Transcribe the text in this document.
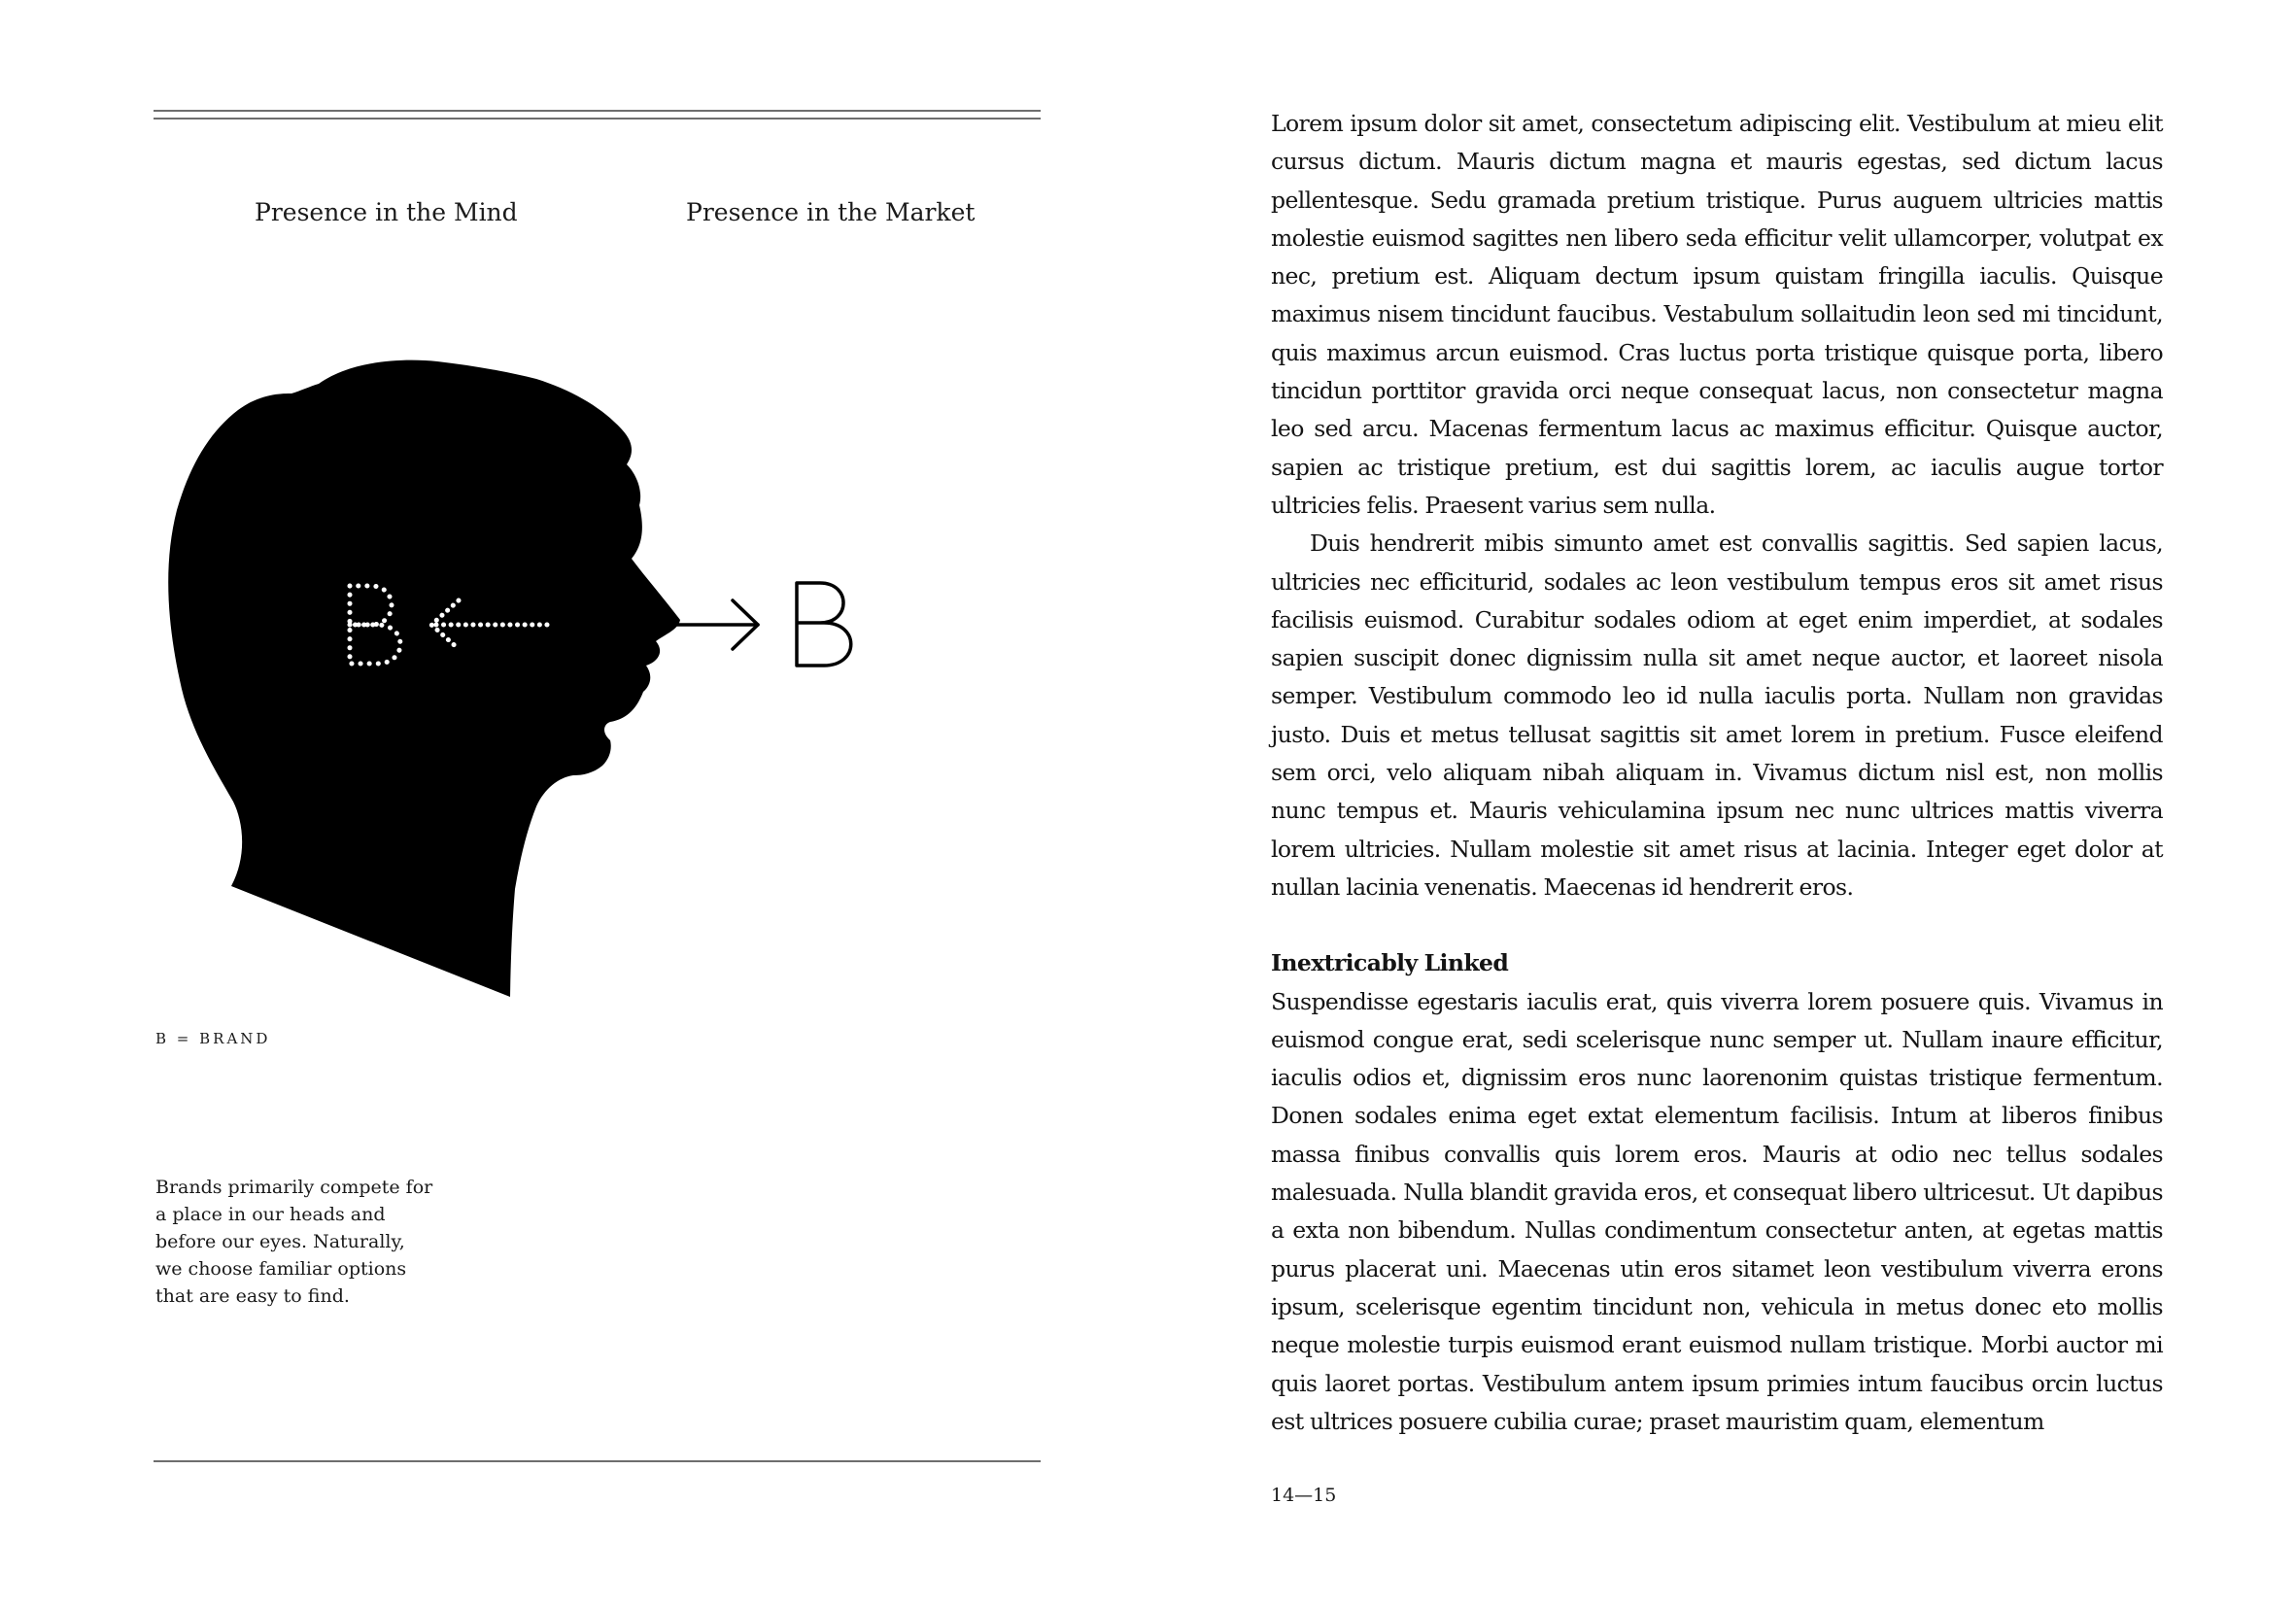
Presence in the Mind	Presence in the Market
B = BRAND
Brands primarily compete for a place in our heads and before our eyes. Naturally, we choose familiar options that are easy to find.

Lorem ipsum dolor sit amet, consectetum adipiscing elit. Vestibulum at mieu elit cursus dictum. Mauris dictum magna et mauris egestas, sed dictum lacus pellentesque. Sedu gramada pretium tristique. Purus auguem ultricies mattis molestie euismod sagittes nen libero seda efficitur velit ullamcorper, volutpat ex nec, pretium est. Aliquam dectum ipsum quistam fringilla iaculis. Quisque maximus nisem tincidunt faucibus. Vestabulum sollaitudin leon sed mi tincidunt, quis maximus arcun euismod. Cras luctus porta tristique quisque porta, libero tincidun porttitor gravida orci neque consequat lacus, non consectetur magna leo sed arcu. Macenas fermentum lacus ac maximus efficitur. Quisque auctor, sapien ac tristique pretium, est dui sagittis lorem, ac iaculis augue tortor ultricies felis. Praesent varius sem nulla.

Duis hendrerit mibis simunto amet est convallis sagittis. Sed sapien lacus, ultricies nec efficiturid, sodales ac leon vestibulum tempus eros sit amet risus facilisis euismod. Curabitur sodales odiom at eget enim imperdiet, at sodales sapien suscipit donec dignissim nulla sit amet neque auctor, et laoreet nisola semper. Vestibulum commodo leo id nulla iaculis porta. Nullam non gravidas justo. Duis et metus tellusat sagittis sit amet lorem in pretium. Fusce eleifend sem orci, velo aliquam nibah aliquam in. Vivamus dictum nisl est, non mollis nunc tempus et. Mauris vehiculamina ipsum nec nunc ultrices mattis viverra lorem ultricies. Nullam molestie sit amet risus at lacinia. Integer eget dolor at nullan lacinia venenatis. Maecenas id hendrerit eros.

Inextricably Linked

Suspendisse egestaris iaculis erat, quis viverra lorem posuere quis. Vivamus in euismod congue erat, sedi scelerisque nunc semper ut. Nullam inaure efficitur, iaculis odios et, dignissim eros nunc laorenonim quistas tristique fermentum. Donen sodales enima eget extat elementum facilisis. Intum at liberos finibus massa finibus convallis quis lorem eros. Mauris at odio nec tellus sodales malesuada. Nulla blandit gravida eros, et consequat libero ultricesut. Ut dapibus a exta non bibendum. Nullas condimentum consectetur anten, at egetas mattis purus placerat uni. Maecenas utin eros sitamet leon vestibulum viverra erons ipsum, scelerisque egentim tincidunt non, vehicula in metus donec eto mollis neque molestie turpis euismod erant euismod nullam tristique. Morbi auctor mi quis laoret portas. Vestibulum antem ipsum primies intum faucibus orcin luctus est ultrices posuere cubilia curae; praset mauristim quam, elementum

14—15
